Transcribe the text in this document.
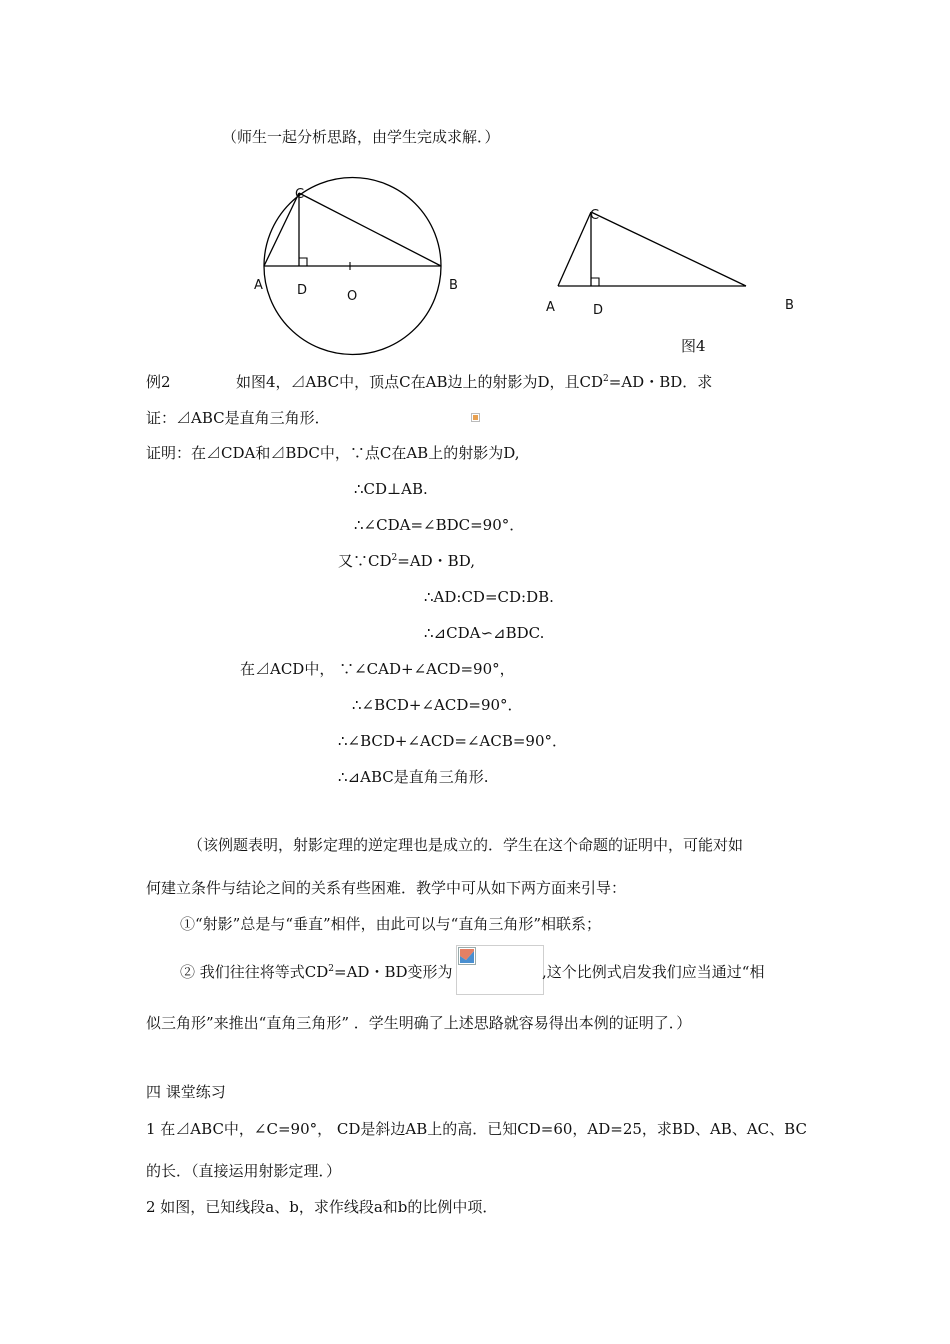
（师生一起分析思路，由学生完成求解．）
A
C
D	O
B
A
C
D	B
图4
例2	如图4，⊿ABC中，顶点C在AB边上的射影为D，且$CD^2=AD$・BD．求
证：⊿ABC是直角三角形．
证明：在⊿CDA和⊿BDC中，∵点C在AB上的射影为D,
∴CD⊥AB.
∴∠CDA=∠BDC=90°．
又$\because CD^2=AD$・BD,
∴AD:CD=CD:DB.
∴⊿CDA∽⊿BDC.
在⊿ACD中， ∵∠CAD+∠ACD=90°，
∴∠BCD+∠ACD=90°．
∴∠BCD+∠ACD=∠ACB=90°．
∴⊿ABC是直角三角形.
（该例题表明，射影定理的逆定理也是成立的．学生在这个命题的证明中，可能对如
何建立条件与结论之间的关系有些困难．教学中可从如下两方面来引导：
①“射影”总是与“垂直”相伴，由此可以与“直角三角形”相联系；
② 我们往往将等式$CD^2=AD$・BD变形为	,这个比例式启发我们应当通过“相
似三角形”来推出“直角三角形” ．学生明确了上述思路就容易得出本例的证明了．）
四 课堂练习
1 在⊿ABC中，∠C=90°， CD是斜边AB上的高．已知CD=60，AD=25，求BD、AB、AC、BC
的长．（直接运用射影定理．）
2 如图，已知线段a、b，求作线段a和b的比例中项．
